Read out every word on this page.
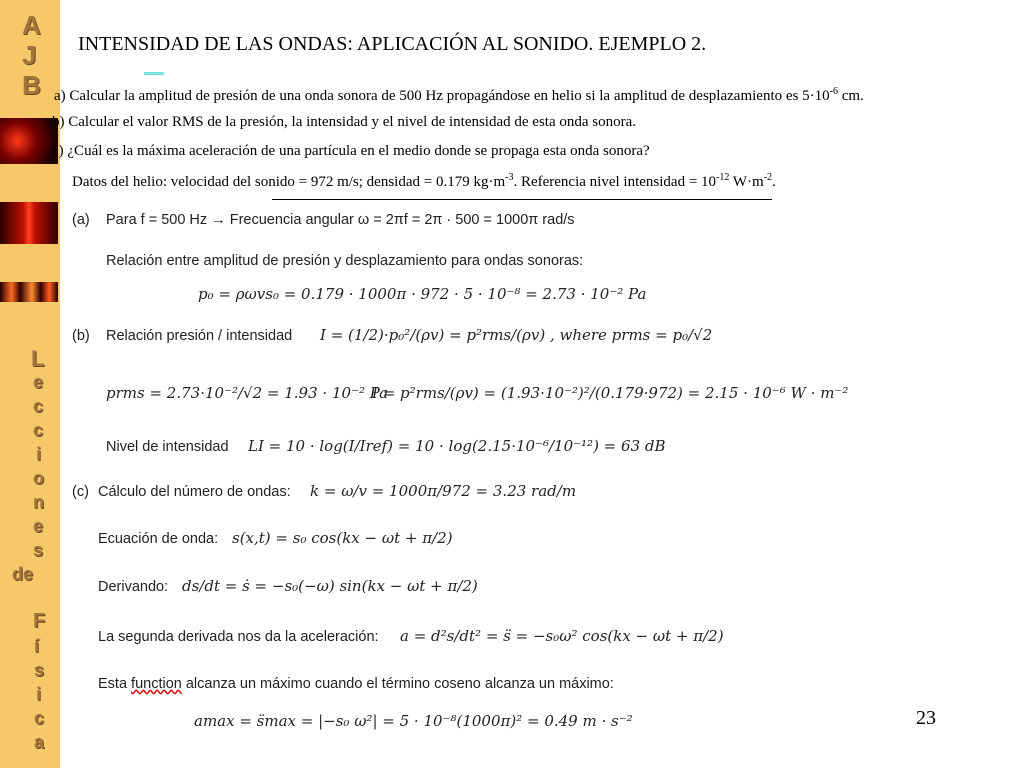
A
J
B
L
e
c
c
i
o
n
e
s
de
F
í
s
i
c
a
INTENSIDAD DE LAS ONDAS: APLICACIÓN AL SONIDO. EJEMPLO 2.
a) Calcular la amplitud de presión de una onda sonora de 500 Hz propagándose en helio si la amplitud de desplazamiento es $5\cdot 10^{-6}$ cm.
b) Calcular el valor RMS de la presión, la intensidad y el nivel de intensidad de esta onda sonora.
c) ¿Cuál es la máxima aceleración de una partícula en el medio donde se propaga esta onda sonora?
Datos del helio: velocidad del sonido = 972 m/s; densidad = 0.179 $kg\cdot m^{-3}$. Referencia nivel intensidad = $10^{-12}$ $W\cdot m^{-2}$.
(a) Para f = 500 Hz → Frecuencia angular ω = 2πf = 2π · 500 = 1000π rad/s
Relación entre amplitud de presión y desplazamiento para ondas sonoras:
p₀ = ρωvs₀ = 0.179 · 1000π · 972 · 5 · 10⁻⁸ = 2.73 · 10⁻² Pa
(b) Relación presión / intensidad I = (1/2)·p₀²/(ρv) = p²rms/(ρv) , where prms = p₀/√2
prms = 2.73·10⁻²/√2 = 1.93 · 10⁻² Pa
I = p²rms/(ρv) = (1.93·10⁻²)²/(0.179·972) = 2.15 · 10⁻⁶ W · m⁻²
Nivel de intensidad LI = 10 · log(I/Iref) = 10 · log(2.15·10⁻⁶/10⁻¹²) = 63 dB
(c) Cálculo del número de ondas: k = ω/v = 1000π/972 = 3.23 rad/m
Ecuación de onda: s(x,t) = s₀ cos(kx − ωt + π/2)
Derivando: ds/dt = ṡ = −s₀(−ω) sin(kx − ωt + π/2)
La segunda derivada nos da la aceleración: a = d²s/dt² = s̈ = −s₀ω² cos(kx − ωt + π/2)
Esta function alcanza un máximo cuando el término coseno alcanza un máximo:
amax = s̈max = |−s₀ ω²| = 5 · 10⁻⁸(1000π)² = 0.49 m · s⁻²	23
